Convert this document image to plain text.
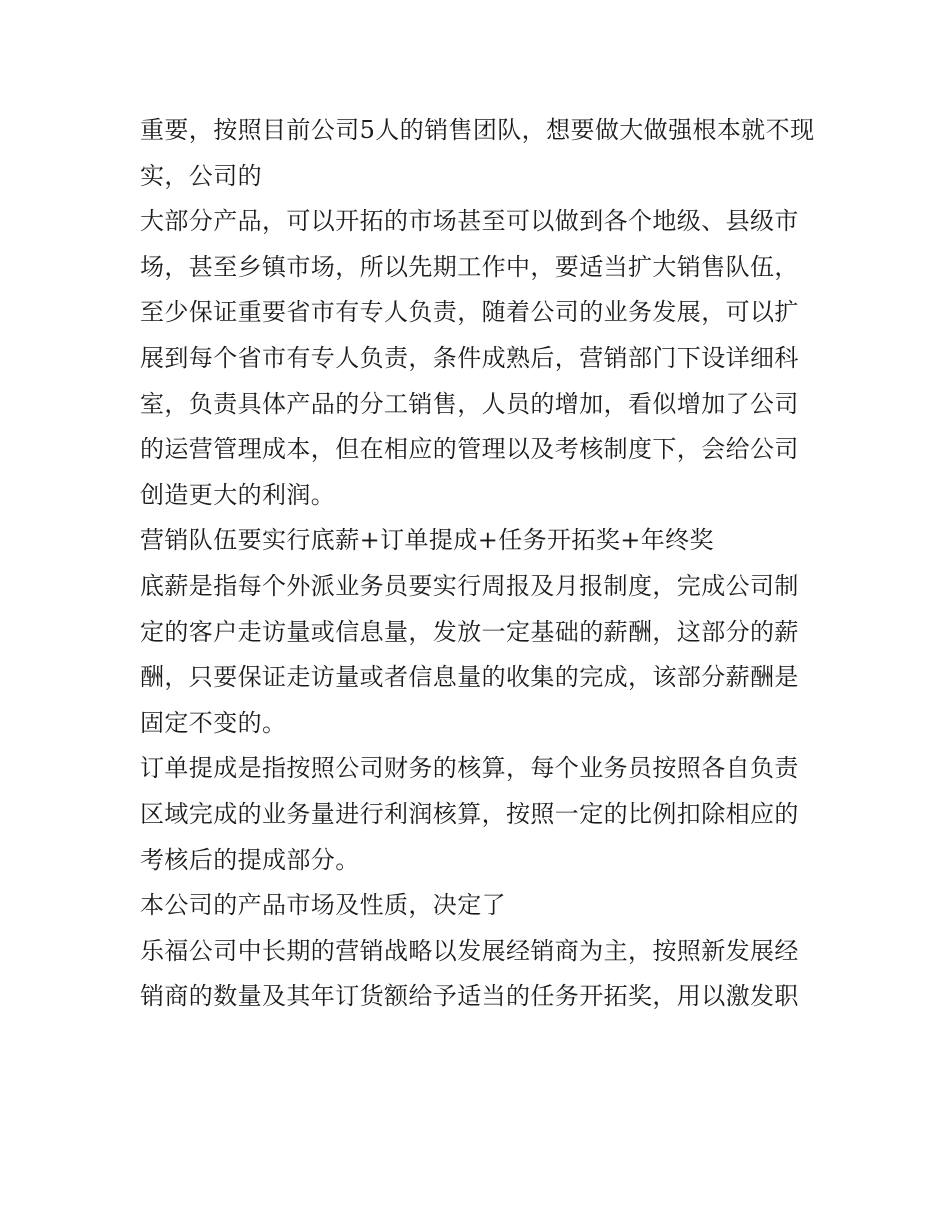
重要，按照目前公司5人的销售团队，想要做大做强根本就不现实，公司的

大部分产品，可以开拓的市场甚至可以做到各个地级、县级市场，甚至乡镇市场，所以先期工作中，要适当扩大销售队伍，至少保证重要省市有专人负责，随着公司的业务发展，可以扩展到每个省市有专人负责，条件成熟后，营销部门下设详细科室，负责具体产品的分工销售，人员的增加，看似增加了公司的运营管理成本，但在相应的管理以及考核制度下，会给公司创造更大的利润。

营销队伍要实行底薪+订单提成+任务开拓奖+年终奖

底薪是指每个外派业务员要实行周报及月报制度，完成公司制定的客户走访量或信息量，发放一定基础的薪酬，这部分的薪酬，只要保证走访量或者信息量的收集的完成，该部分薪酬是固定不变的。

订单提成是指按照公司财务的核算，每个业务员按照各自负责区域完成的业务量进行利润核算，按照一定的比例扣除相应的考核后的提成部分。

本公司的产品市场及性质，决定了

乐福公司中长期的营销战略以发展经销商为主，按照新发展经销商的数量及其年订货额给予适当的任务开拓奖，用以激发职
